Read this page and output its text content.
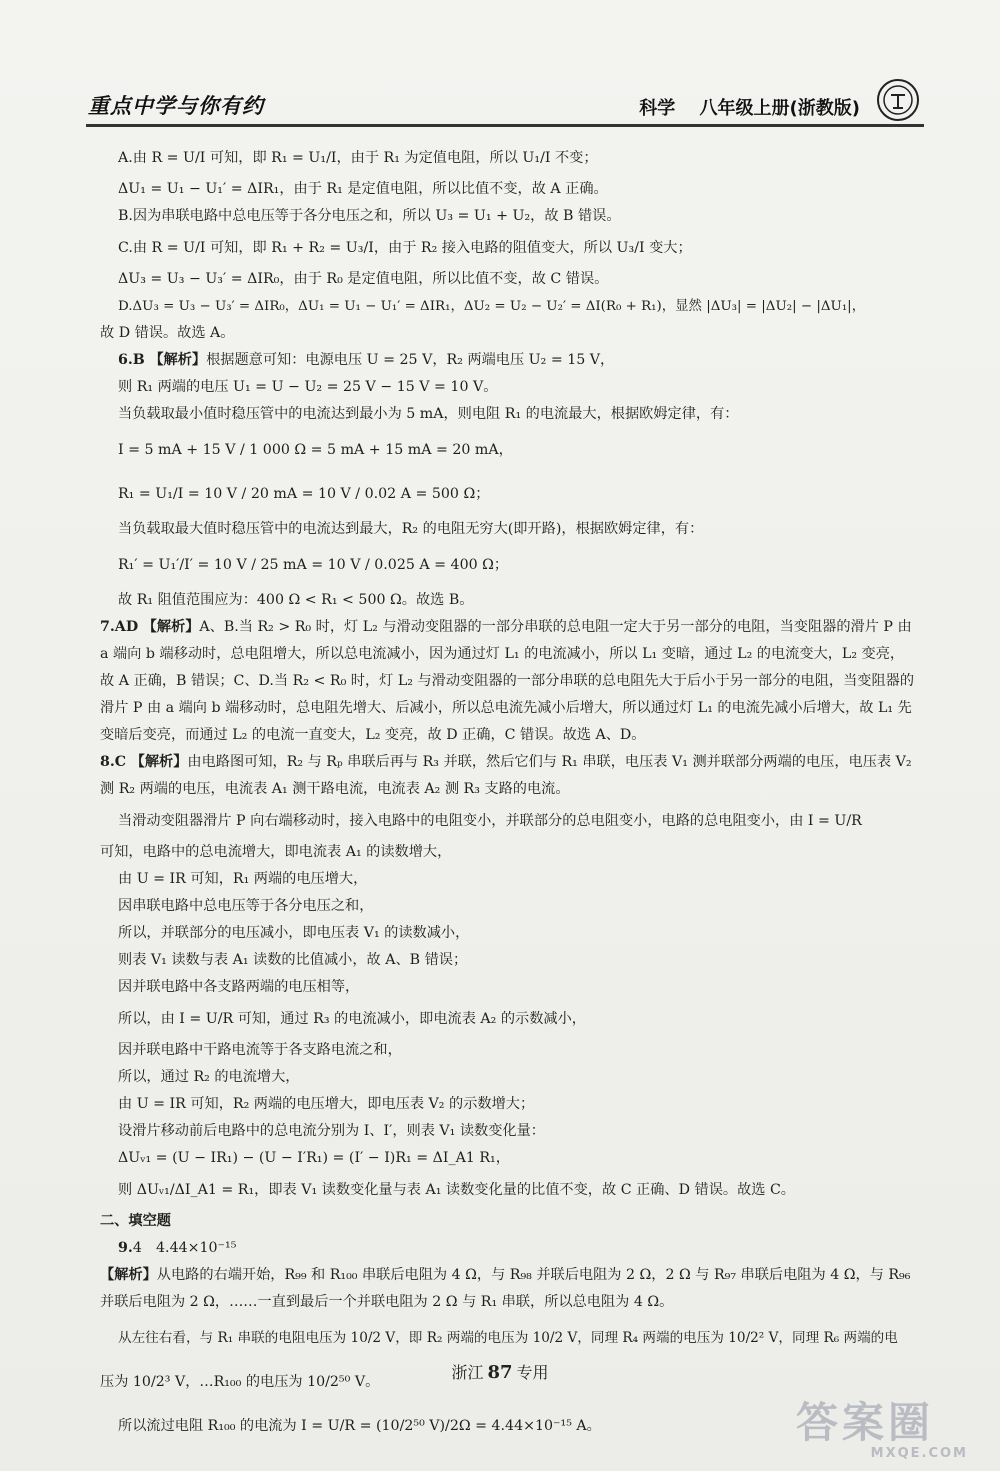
重点中学与你有约	科学 八年级上册(浙教版)
A.由 R = U/I 可知，即 R₁ = U₁/I，由于 R₁ 为定值电阻，所以 U₁/I 不变；
ΔU₁ = U₁ − U₁′ = ΔIR₁，由于 R₁ 是定值电阻，所以比值不变，故 A 正确。
B.因为串联电路中总电压等于各分电压之和，所以 U₃ = U₁ + U₂，故 B 错误。
C.由 R = U/I 可知，即 R₁ + R₂ = U₃/I，由于 R₂ 接入电路的阻值变大，所以 U₃/I 变大；
ΔU₃ = U₃ − U₃′ = ΔIR₀，由于 R₀ 是定值电阻，所以比值不变，故 C 错误。
D.ΔU₃ = U₃ − U₃′ = ΔIR₀，ΔU₁ = U₁ − U₁′ = ΔIR₁，ΔU₂ = U₂ − U₂′ = ΔI(R₀ + R₁)，显然 |ΔU₃| = |ΔU₂| − |ΔU₁|，
故 D 错误。故选 A。
6.B 【解析】根据题意可知：电源电压 U = 25 V，R₂ 两端电压 U₂ = 15 V，
则 R₁ 两端的电压 U₁ = U − U₂ = 25 V − 15 V = 10 V。
当负载取最小值时稳压管中的电流达到最小为 5 mA，则电阻 R₁ 的电流最大，根据欧姆定律，有：
I = 5 mA + 15 V / 1 000 Ω = 5 mA + 15 mA = 20 mA，
R₁ = U₁/I = 10 V / 20 mA = 10 V / 0.02 A = 500 Ω；
当负载取最大值时稳压管中的电流达到最大，R₂ 的电阻无穷大(即开路)，根据欧姆定律，有：
R₁′ = U₁′/I′ = 10 V / 25 mA = 10 V / 0.025 A = 400 Ω；
故 R₁ 阻值范围应为：400 Ω < R₁ < 500 Ω。故选 B。
7.AD 【解析】A、B.当 R₂ > R₀ 时，灯 L₂ 与滑动变阻器的一部分串联的总电阻一定大于另一部分的电阻，当变阻器的滑片 P 由 a 端向 b 端移动时，总电阻增大，所以总电流减小，因为通过灯 L₁ 的电流减小，所以 L₁ 变暗，通过 L₂ 的电流变大，L₂ 变亮，故 A 正确，B 错误；C、D.当 R₂ < R₀ 时，灯 L₂ 与滑动变阻器的一部分串联的总电阻先大于后小于另一部分的电阻，当变阻器的滑片 P 由 a 端向 b 端移动时，总电阻先增大、后减小，所以总电流先减小后增大，所以通过灯 L₁ 的电流先减小后增大，故 L₁ 先变暗后变亮，而通过 L₂ 的电流一直变大，L₂ 变亮，故 D 正确，C 错误。故选 A、D。
8.C 【解析】由电路图可知，R₂ 与 Rₚ 串联后再与 R₃ 并联，然后它们与 R₁ 串联，电压表 V₁ 测并联部分两端的电压，电压表 V₂ 测 R₂ 两端的电压，电流表 A₁ 测干路电流，电流表 A₂ 测 R₃ 支路的电流。
当滑动变阻器滑片 P 向右端移动时，接入电路中的电阻变小，并联部分的总电阻变小，电路的总电阻变小，由 I = U/R
可知，电路中的总电流增大，即电流表 A₁ 的读数增大，
由 U = IR 可知，R₁ 两端的电压增大，
因串联电路中总电压等于各分电压之和，
所以，并联部分的电压减小，即电压表 V₁ 的读数减小，
则表 V₁ 读数与表 A₁ 读数的比值减小，故 A、B 错误；
因并联电路中各支路两端的电压相等，
所以，由 I = U/R 可知，通过 R₃ 的电流减小，即电流表 A₂ 的示数减小，
因并联电路中干路电流等于各支路电流之和，
所以，通过 R₂ 的电流增大，
由 U = IR 可知，R₂ 两端的电压增大，即电压表 V₂ 的示数增大；
设滑片移动前后电路中的总电流分别为 I、I′，则表 V₁ 读数变化量：
ΔUᵥ₁ = (U − IR₁) − (U − I′R₁) = (I′ − I)R₁ = ΔI_A1 R₁，
则 ΔUᵥ₁/ΔI_A1 = R₁，即表 V₁ 读数变化量与表 A₁ 读数变化量的比值不变，故 C 正确、D 错误。故选 C。
二、填空题
9.4　4.44×10⁻¹⁵
【解析】从电路的右端开始，R₉₉ 和 R₁₀₀ 串联后电阻为 4 Ω，与 R₉₈ 并联后电阻为 2 Ω，2 Ω 与 R₉₇ 串联后电阻为 4 Ω，与 R₉₆ 并联后电阻为 2 Ω，……一直到最后一个并联电阻为 2 Ω 与 R₁ 串联，所以总电阻为 4 Ω。
从左往右看，与 R₁ 串联的电阻电压为 10/2 V，即 R₂ 两端的电压为 10/2 V，同理 R₄ 两端的电压为 10/2² V，同理 R₆ 两端的电
压为 10/2³ V，…R₁₀₀ 的电压为 10/2⁵⁰ V。
所以流过电阻 R₁₀₀ 的电流为 I = U/R = (10/2⁵⁰ V)/2Ω = 4.44×10⁻¹⁵ A。
浙江 87 专用
答案圈
MXQE.COM
